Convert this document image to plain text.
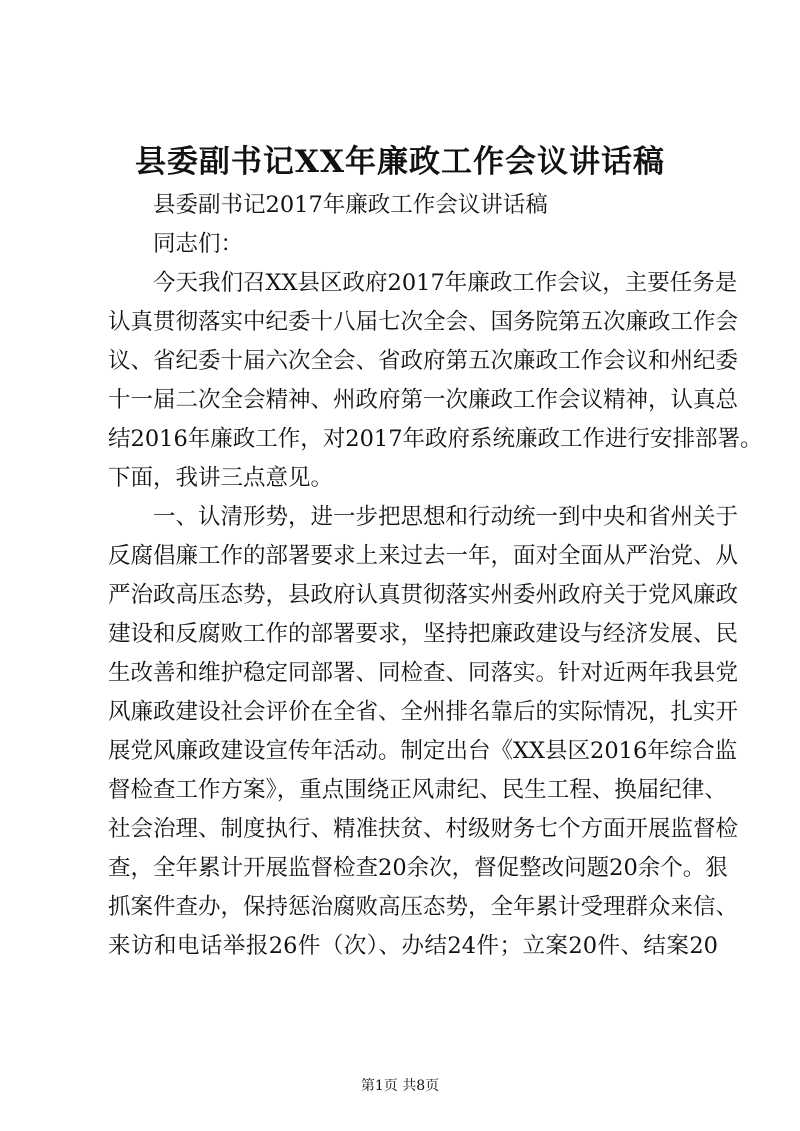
县委副书记XX年廉政工作会议讲话稿
县委副书记2017年廉政工作会议讲话稿
同志们：
今天我们召XX县区政府2017年廉政工作会议，主要任务是
认真贯彻落实中纪委十八届七次全会、国务院第五次廉政工作会
议、省纪委十届六次全会、省政府第五次廉政工作会议和州纪委
十一届二次全会精神、州政府第一次廉政工作会议精神，认真总
结2016年廉政工作，对2017年政府系统廉政工作进行安排部署。
下面，我讲三点意见。
一、认清形势，进一步把思想和行动统一到中央和省州关于
反腐倡廉工作的部署要求上来过去一年，面对全面从严治党、从
严治政高压态势，县政府认真贯彻落实州委州政府关于党风廉政
建设和反腐败工作的部署要求，坚持把廉政建设与经济发展、民
生改善和维护稳定同部署、同检查、同落实。针对近两年我县党
风廉政建设社会评价在全省、全州排名靠后的实际情况，扎实开
展党风廉政建设宣传年活动。制定出台《XX县区2016年综合监
督检查工作方案》，重点围绕正风肃纪、民生工程、换届纪律、
社会治理、制度执行、精准扶贫、村级财务七个方面开展监督检
查，全年累计开展监督检查20余次，督促整改问题20余个。狠
抓案件查办，保持惩治腐败高压态势，全年累计受理群众来信、
来访和电话举报26件（次）、办结24件；立案20件、结案20
第1页 共8页
